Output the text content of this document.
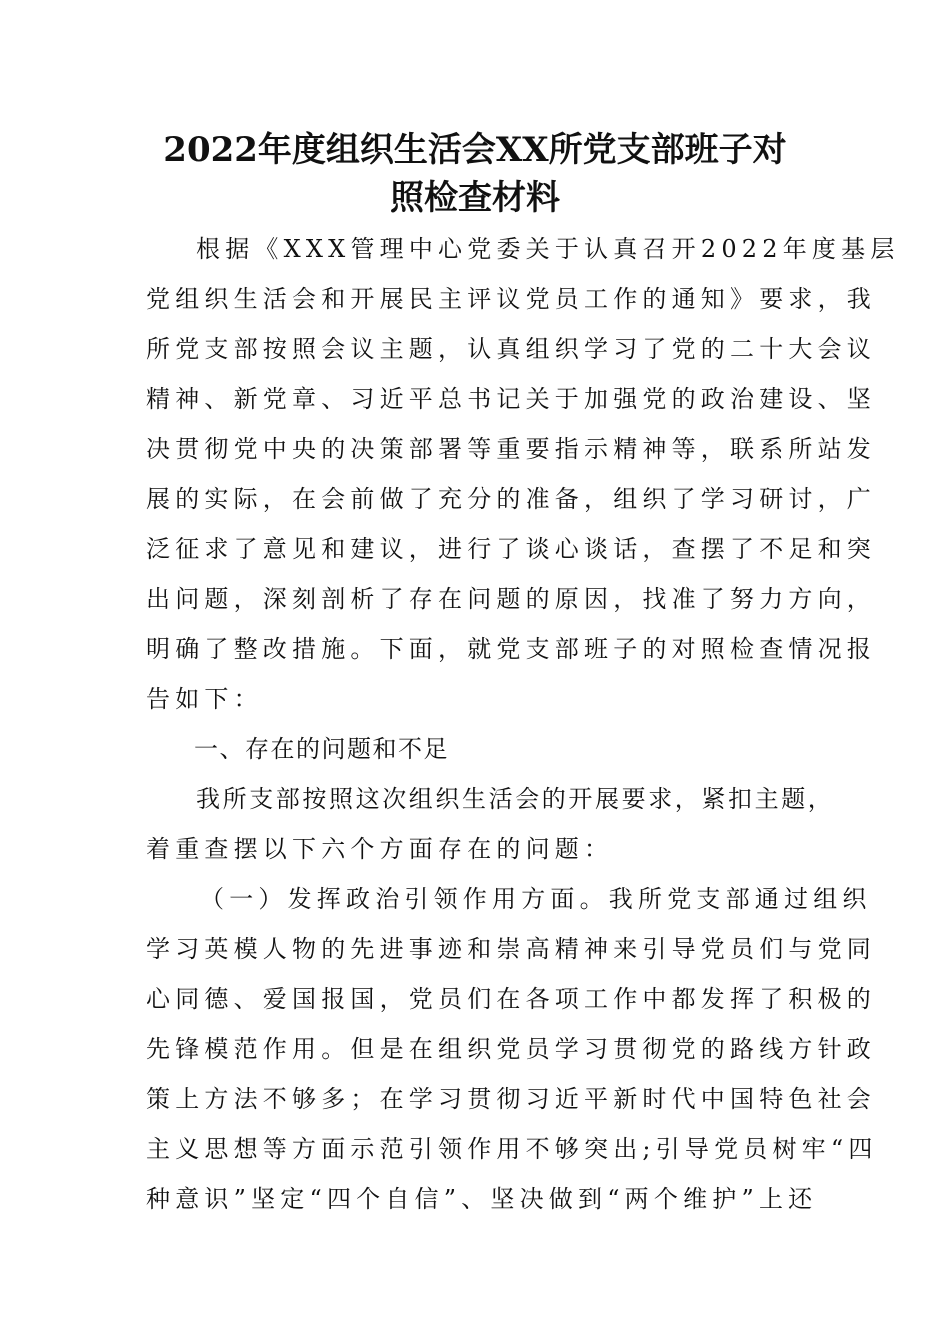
2022年度组织生活会XX所党支部班子对
照检查材料
根据《XXX管理中心党委关于认真召开2022年度基层
党组织生活会和开展民主评议党员工作的通知》要求，我
所党支部按照会议主题，认真组织学习了党的二十大会议
精神、新党章、习近平总书记关于加强党的政治建设、坚
决贯彻党中央的决策部署等重要指示精神等，联系所站发
展的实际，在会前做了充分的准备，组织了学习研讨，广
泛征求了意见和建议，进行了谈心谈话，查摆了不足和突
出问题，深刻剖析了存在问题的原因，找准了努力方向，
明确了整改措施。下面，就党支部班子的对照检查情况报
告如下：
一、存在的问题和不足
我所支部按照这次组织生活会的开展要求，紧扣主题，
着重查摆以下六个方面存在的问题：
（一）发挥政治引领作用方面。我所党支部通过组织
学习英模人物的先进事迹和崇高精神来引导党员们与党同
心同德、爱国报国，党员们在各项工作中都发挥了积极的
先锋模范作用。但是在组织党员学习贯彻党的路线方针政
策上方法不够多；在学习贯彻习近平新时代中国特色社会
主义思想等方面示范引领作用不够突出;引导党员树牢“四
种意识”坚定“四个自信”、坚决做到“两个维护”上还
